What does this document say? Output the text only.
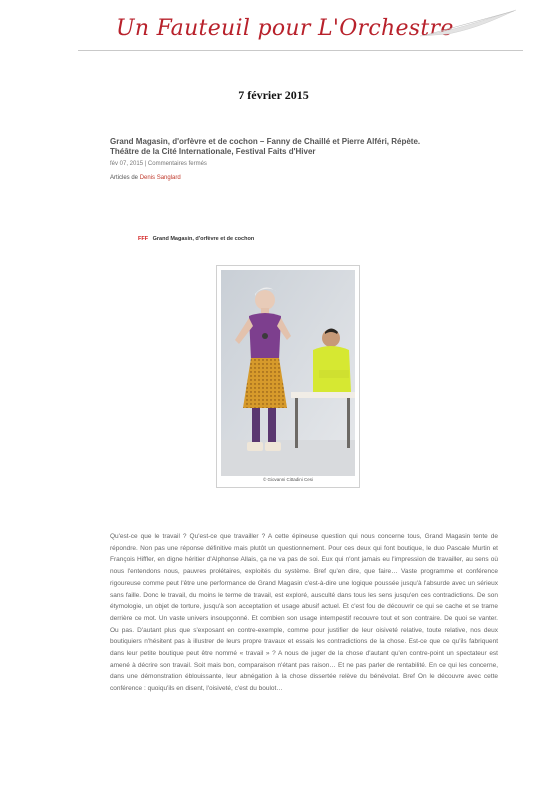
Un Fauteuil pour L'Orchestre
7 février 2015
Grand Magasin, d'orfèvre et de cochon – Fanny de Chaillé et Pierre Alféri, Répète. Théâtre de la Cité Internationale, Festival Faits d'Hiver
fév 07, 2015 | Commentaires fermés
Articles de Denis Sanglard
FFF Grand Magasin, d'orfèvre et de cochon
© Giovanni Cittadini Cesi
Qu'est-ce que le travail ? Qu'est-ce que travailler ? A cette épineuse question qui nous concerne tous, Grand Magasin tente de répondre. Non pas une réponse définitive mais plutôt un questionnement. Pour ces deux qui font boutique, le duo Pascale Murtin et François Hiffler, en digne héritier d'Alphonse Allais, ça ne va pas de soi. Eux qui n'ont jamais eu l'impression de travailler, au sens où nous l'entendons nous, pauvres prolétaires, exploités du système. Bref qu'en dire, que faire… Vaste programme et conférence rigoureuse comme peut l'être une performance de Grand Magasin c'est-à-dire une logique poussée jusqu'à l'absurde avec un sérieux sans faille. Donc le travail, du moins le terme de travail, est exploré, ausculté dans tous les sens jusqu'en ces contradictions. De son étymologie, un objet de torture, jusqu'à son acceptation et usage abusif actuel. Et c'est fou de découvrir ce qui se cache et se trame derrière ce mot. Un vaste univers insoupçonné. Et combien son usage intempestif recouvre tout et son contraire. De quoi se vanter. Ou pas. D'autant plus que s'exposant en contre-exemple, comme pour justifier de leur oisiveté relative, toute relative, nos deux boutiquiers n'hésitent pas à illustrer de leurs propre travaux et essais les contradictions de la chose. Est-ce que ce qu'ils fabriquent dans leur petite boutique peut être nommé « travail » ? A nous de juger de la chose d'autant qu'en contre-point un spectateur est amené à décrire son travail. Soit mais bon, comparaison n'étant pas raison… Et ne pas parler de rentabilité. En ce qui les concerne, dans une démonstration éblouissante, leur abnégation à la chose dissertée relève du bénévolat. Bref On le découvre avec cette conférence : quoiqu'ils en disent, l'oisiveté, c'est du boulot…
